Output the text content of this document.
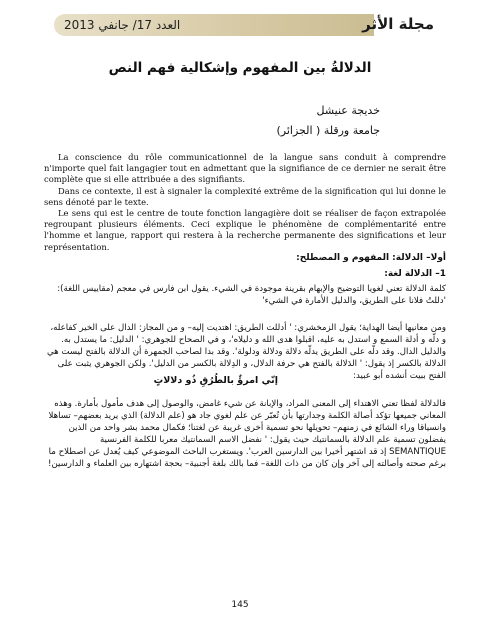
العدد 17/ جانفي 2013	مجلة الأثر
الدلالةُ بين المفهوم وإشكالية فهم النص
خديجة عنيشل
جامعة ورقلة ( الجزائر)

La conscience du rôle communicationnel de la langue sans conduit à comprendre n'importe quel fait langagier tout en admettant que la signifiance de ce dernier ne serait être complète que si elle attribuée a des signifiants.

Dans ce contexte, il est à signaler la complexité extrême de la signification qui lui donne le sens dénoté par le texte.

Le sens qui est le centre de toute fonction langagière doit se réaliser de façon extrapolée regroupant plusieurs éléments. Ceci explique le phénomène de complémentarité entre l'homme et langue, rapport qui restera à la recherche permanente des significations et leur représentation.

أولا– الدلالة: المفهوم و المصطلح:
1– الدلالة لغة:
كلمة الدلالة تعني لغويا التوضيح والإبهام بقرينة موجودة في الشيء. يقول ابن فارس في معجم (مقاييس اللغة): 'دللتُ فلانا على الطريق، والدليل الأمارة في الشيء'
ومن معانيها أيضا الهداية؛ يقول الزمخشري: ' أدللت الطريق: اهتديت إليه– و من المجاز: الدال على الخير كفاعله، و دلّه و أدلة السمع و استدل به عليه، اقبلوا هدى الله و دليلاه'، و في الصحاح للجوهري: ' الدليل: ما يستدل به. والدليل الدال. وقد دلّه على الطريق يدلّه دلالة ودلالة ودلولة'. وقد بدا لصاحب الجمهرة أن الدلالة بالفتح ليست هي الدلالة بالكسر إذ يقول: ' الدَلالة بالفتح هي حرفة الدلال، و الدِلالة بالكسر من الدليل'. ولكن الجوهري يثبت على الفتح ببيت أنشده أبو عبيد:
إنّي امرؤٌ بالطُرُقِ ذُو دلالاتٍ
فالدلالة لفظا تعني الاهتداء إلى المعنى المراد، والإبانة عن شيء غامض، والوصول إلى هدف مأمول بأمارة. وهذه المعاني جميعها تؤكد أصالة الكلمة وجدارتها بأن تُعبّر عن علم لغوي جاد هو (علم الدلالة) الذي يريد بعضهم– تساهلا وانسياقا وراء الشائع في زمنهم– تحويلها نحو تسمية أخرى غريبة عن لغتنا؛ فكمال محمد بشر واحد من الذين يفضلون تسمية علم الدلالة بالسمانتيك حيث يقول: ' نفضل الاسم السمانتيك معربا للكلمة الفرنسية SEMANTIQUE إذ قد اشتهر أخيرا بين الدارسين العرب'. ويستغرب الباحث الموضوعي كيف يُعدل عن اصطلاح ما برغم صحته وأصالته إلى آخر وإن كان من ذات اللغة– فما بالك بلغة أجنبية– بحجة اشتهاره بين العلماء و الدارسين!
145
